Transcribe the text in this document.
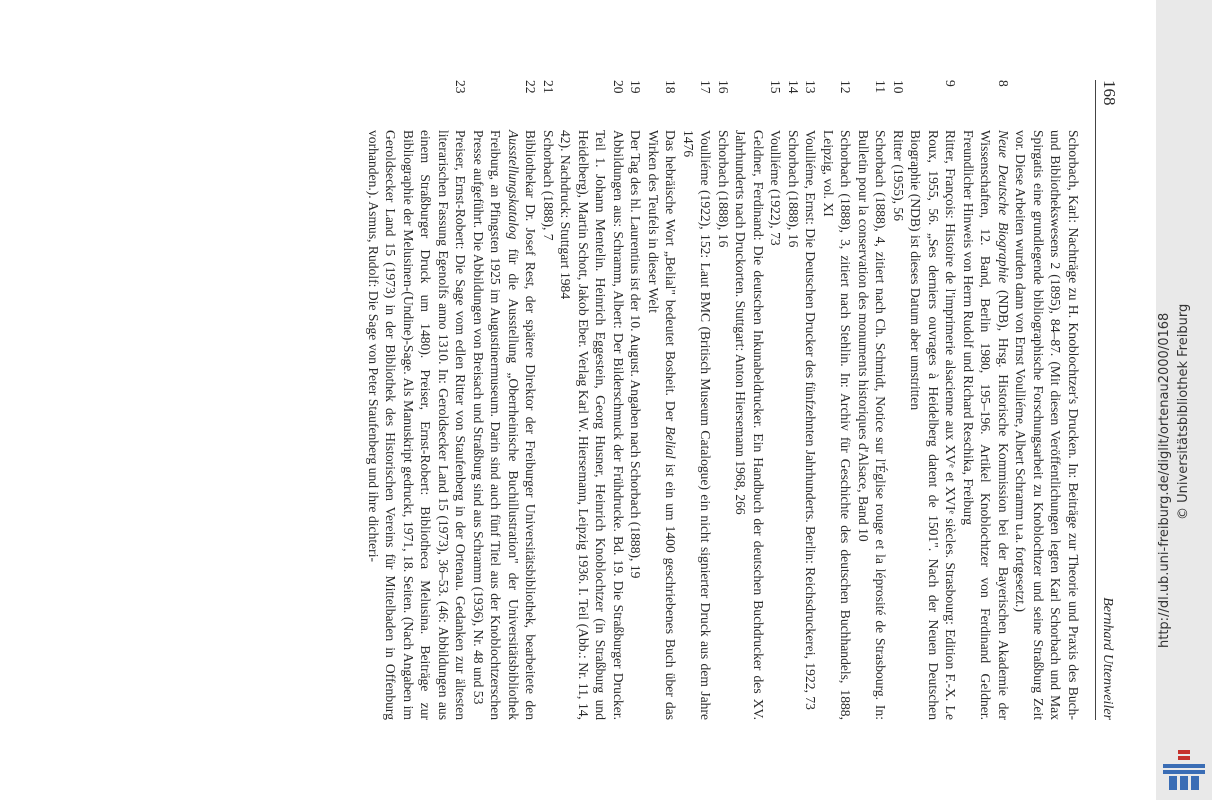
168
Bernhard Uttenweiler
Schorbach, Karl: Nachträge zu H. Knoblochtzer's Drucken. In: Beiträge zur Theorie und Praxis des Buch- und Bibliothekswesens 2 (1895), 84–87. (Mit diesen Veröffentlichungen legten Karl Schorbach und Max Spirgatis eine grundlegende bibliographische Forschungsarbeit zu Knoblochtzer und seine Straßburg Zeit vor. Diese Arbeiten wurden dann von Ernst Voulliéme, Albert Schramm u.a. fortgesetzt.)
8
Neue Deutsche Biographie (NDB), Hrsg. Historische Kommission bei der Bayerischen Akademie der Wissenschaften, 12. Band, Berlin 1980, 195–196. Artikel Knoblochtzer von Ferdinand Geldner. Freundlicher Hinweis von Herrn Rudolf und Richard Reschika, Freiburg
9
Ritter, François: Histoire de l'imprimerie alsacienne aux XVᵉ et XVIᵉ siècles. Strasbourg: Edition F.-X. Le Roux, 1955, 56. „Ses derniers ouvrages à Heidelberg datent de 1501". Nach der Neuen Deutschen Biographie (NDB) ist dieses Datum aber umstritten
10
Ritter (1955), 56
11
Schorbach (1888), 4, zitiert nach Ch. Schmidt, Notice sur l'Église rouge et la léprosité de Strasbourg. In: Bulletin pour la conservation des monuments historiques d'Alsace, Band 10
12
Schorbach (1888), 3, zitiert nach Stehlin. In: Archiv für Geschichte des deutschen Buchhandels, 1888, Leipzig, vol. XI
13
Voulliéme, Ernst: Die Deutschen Drucker des fünfzehnten Jahrhunderts. Berlin: Reichsdruckerei, 1922, 73
14
Schorbach (1888), 16
15
Voulliéme (1922), 73
Geldner, Ferdinand: Die deutschen Inkunabeldrucker. Ein Handbuch der deutschen Buchdrucker des XV. Jahrhunderts nach Druckorten. Stuttgart: Anton Hiersemann 1968, 266
16
Schorbach (1888), 16
17
Voulliéme (1922), 152: Laut BMC (Britisch Museum Catalogue) ein nicht signierter Druck aus dem Jahre 1476
18
Das hebräische Wort „Belial" bedeutet Bosheit. Der Belial ist ein um 1400 geschriebenes Buch über das Wirken des Teufels in dieser Welt
19
Der Tag des hl. Laurentius ist der 10. August. Angaben nach Schorbach (1888), 19
20
Abbildungen aus: Schramm, Albert: Der Bilderschmuck der Frühdrucke. Bd. 19. Die Straßburger Drucker. Teil 1. Johann Mentelin. Heinrich Eggestein, Georg Husner, Heinrich Knoblochtzer (in Straßburg und Heidelberg), Martin Schott, Jakob Eber. Verlag Karl W. Hiersemann, Leipzig 1936. I. Teil (Abb.: Nr. 11, 14, 42). Nachdruck: Stuttgart 1984
21
Schorbach (1888), 7
22
Bibliothekar Dr. Josef Rest, der spätere Direktor der Freiburger Universitätsbibliothek, bearbeitete den Ausstellungskatalog für die Ausstellung „Oberrheinische Buchillustration" der Universitätsbibliothek Freiburg, an Pfingsten 1925 im Augustinermuseum. Darin sind auch fünf Titel aus der Knoblochtzerschen Presse aufgeführt. Die Abbildungen von Breisach und Straßburg sind aus Schramm (1936), Nr. 48 und 53
23
Preiser, Ernst-Robert: Die Sage vom edlen Ritter von Staufenberg in der Ortenau. Gedanken zur ältesten literarischen Fassung Egenolfs anno 1310. In: Geroldsecker Land 15 (1973), 36–53. (46: Abbildungen aus einem Straßburger Druck um 1480). Preiser, Ernst-Robert: Bibliotheca Melusina. Beiträge zur Bibliographie der Melusinen-(Undine)-Sage. Als Manuskript gedruckt, 1971, 18. Seiten. (Nach Angaben im Geroldsecker Land 15 (1973) in der Bibliothek des Historischen Vereins für Mittelbaden in Offenburg vorhanden.). Asmus, Rudolf: Die Sage von Peter Staufenberg und ihre dichteri-	http://dl.ub.uni-freiburg.de/diglit/ortenau2000/0168 © Universitätsbibliothek Freiburg
